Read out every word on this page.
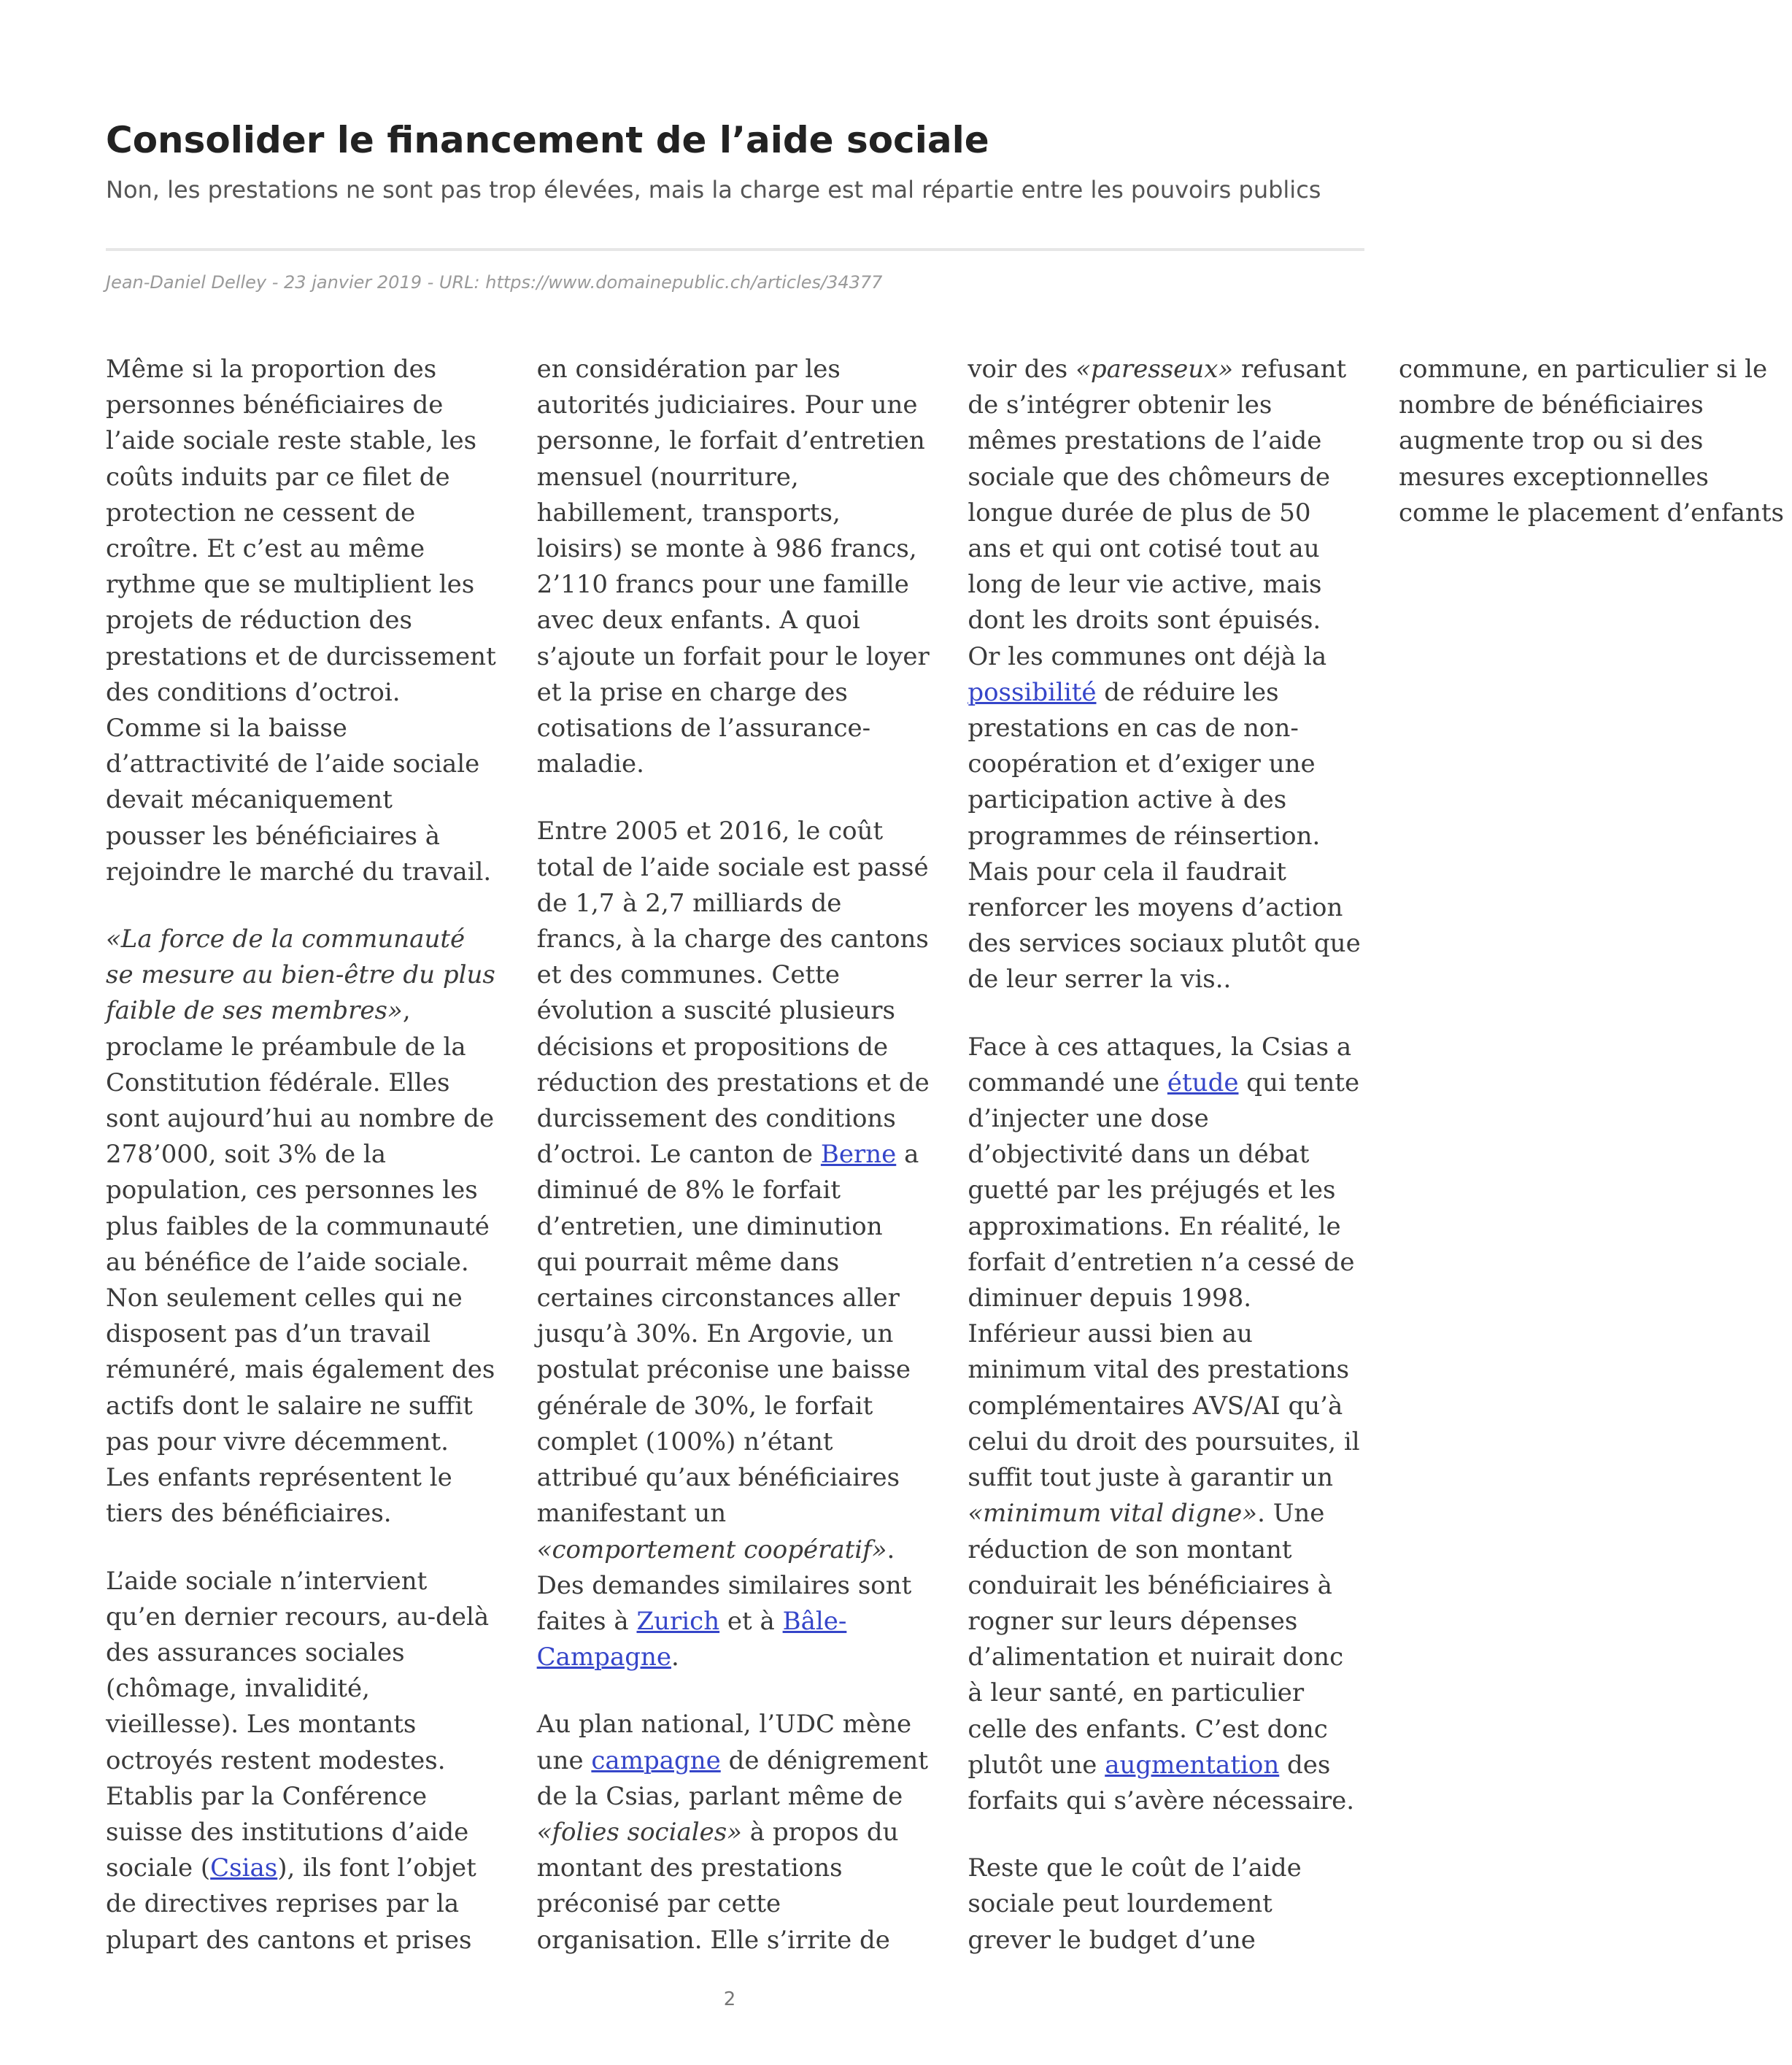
Consolider le financement de l’aide sociale

Non, les prestations ne sont pas trop élevées, mais la charge est mal répartie entre les pouvoirs publics

Jean-Daniel Delley - 23 janvier 2019 - URL: https://www.domainepublic.ch/articles/34377

Même si la proportion des personnes bénéficiaires de l’aide sociale reste stable, les coûts induits par ce filet de protection ne cessent de croître. Et c’est au même rythme que se multiplient les projets de réduction des prestations et de durcissement des conditions d’octroi. Comme si la baisse d’attractivité de l’aide sociale devait mécaniquement pousser les bénéficiaires à rejoindre le marché du travail.

«La force de la communauté se mesure au bien-être du plus faible de ses membres», proclame le préambule de la Constitution fédérale. Elles sont aujourd’hui au nombre de 278’000, soit 3% de la population, ces personnes les plus faibles de la communauté au bénéfice de l’aide sociale. Non seulement celles qui ne disposent pas d’un travail rémunéré, mais également des actifs dont le salaire ne suffit pas pour vivre décemment. Les enfants représentent le tiers des bénéficiaires.

L’aide sociale n’intervient qu’en dernier recours, au-delà des assurances sociales (chômage, invalidité, vieillesse). Les montants octroyés restent modestes. Etablis par la Conférence suisse des institutions d’aide sociale (Csias), ils font l’objet de directives reprises par la plupart des cantons et prises en considération par les autorités judiciaires. Pour une personne, le forfait d’entretien mensuel (nourriture, habillement, transports, loisirs) se monte à 986 francs, 2’110 francs pour une famille avec deux enfants. A quoi s’ajoute un forfait pour le loyer et la prise en charge des cotisations de l’assurance-maladie.

Entre 2005 et 2016, le coût total de l’aide sociale est passé de 1,7 à 2,7 milliards de francs, à la charge des cantons et des communes. Cette évolution a suscité plusieurs décisions et propositions de réduction des prestations et de durcissement des conditions d’octroi. Le canton de Berne a diminué de 8% le forfait d’entretien, une diminution qui pourrait même dans certaines circonstances aller jusqu’à 30%. En Argovie, un postulat préconise une baisse générale de 30%, le forfait complet (100%) n’étant attribué qu’aux bénéficiaires manifestant un «comportement coopératif». Des demandes similaires sont faites à Zurich et à Bâle-Campagne.

Au plan national, l’UDC mène une campagne de dénigrement de la Csias, parlant même de «folies sociales» à propos du montant des prestations préconisé par cette organisation. Elle s’irrite de voir des «paresseux» refusant de s’intégrer obtenir les mêmes prestations de l’aide sociale que des chômeurs de longue durée de plus de 50 ans et qui ont cotisé tout au long de leur vie active, mais dont les droits sont épuisés. Or les communes ont déjà la possibilité de réduire les prestations en cas de non-coopération et d’exiger une participation active à des programmes de réinsertion. Mais pour cela il faudrait renforcer les moyens d’action des services sociaux plutôt que de leur serrer la vis..

Face à ces attaques, la Csias a commandé une étude qui tente d’injecter une dose d’objectivité dans un débat guetté par les préjugés et les approximations. En réalité, le forfait d’entretien n’a cessé de diminuer depuis 1998. Inférieur aussi bien au minimum vital des prestations complémentaires AVS/AI qu’à celui du droit des poursuites, il suffit tout juste à garantir un «minimum vital digne». Une réduction de son montant conduirait les bénéficiaires à rogner sur leurs dépenses d’alimentation et nuirait donc à leur santé, en particulier celle des enfants. C’est donc plutôt une augmentation des forfaits qui s’avère nécessaire.

Reste que le coût de l’aide sociale peut lourdement grever le budget d’une commune, en particulier si le nombre de bénéficiaires augmente trop ou si des mesures exceptionnelles comme le placement d’enfants

2
